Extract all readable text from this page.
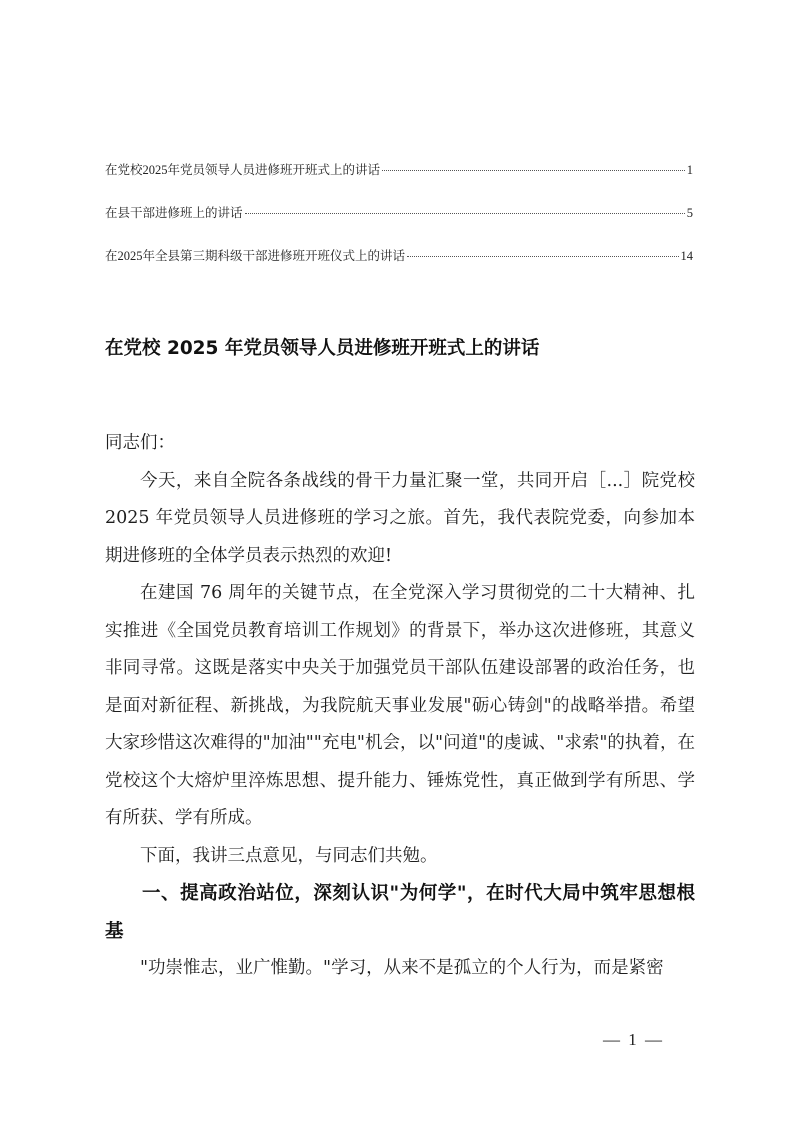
在党校2025年党员领导人员进修班开班式上的讲话	1
在县干部进修班上的讲话	5
在2025年全县第三期科级干部进修班开班仪式上的讲话	14
在党校 2025 年党员领导人员进修班开班式上的讲话

同志们：

今天，来自全院各条战线的骨干力量汇聚一堂，共同开启［...］院党校 2025 年党员领导人员进修班的学习之旅。首先，我代表院党委，向参加本期进修班的全体学员表示热烈的欢迎!

在建国 76 周年的关键节点，在全党深入学习贯彻党的二十大精神、扎实推进《全国党员教育培训工作规划》的背景下，举办这次进修班，其意义非同寻常。这既是落实中央关于加强党员干部队伍建设部署的政治任务，也是面对新征程、新挑战，为我院航天事业发展"砺心铸剑"的战略举措。希望大家珍惜这次难得的"加油""充电"机会，以"问道"的虔诚、"求索"的执着，在党校这个大熔炉里淬炼思想、提升能力、锤炼党性，真正做到学有所思、学有所获、学有所成。

下面，我讲三点意见，与同志们共勉。

一、提高政治站位，深刻认识"为何学"，在时代大局中筑牢思想根基

"功崇惟志，业广惟勤。"学习，从来不是孤立的个人行为，而是紧密

— 1 —
